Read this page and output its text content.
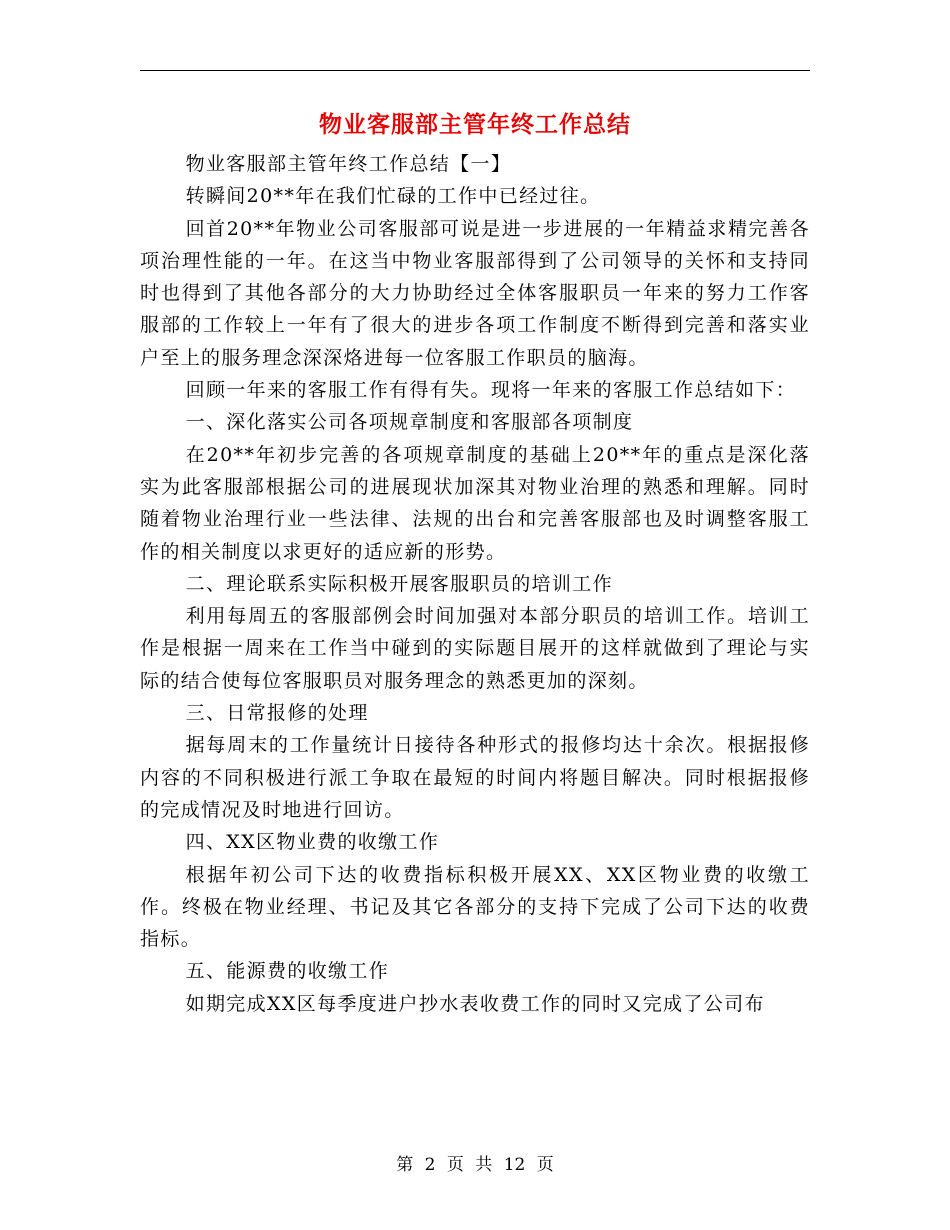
物业客服部主管年终工作总结

物业客服部主管年终工作总结【一】

转瞬间20**年在我们忙碌的工作中已经过往。

回首20**年物业公司客服部可说是进一步进展的一年精益求精完善各项治理性能的一年。在这当中物业客服部得到了公司领导的关怀和支持同时也得到了其他各部分的大力协助经过全体客服职员一年来的努力工作客服部的工作较上一年有了很大的进步各项工作制度不断得到完善和落实业户至上的服务理念深深烙进每一位客服工作职员的脑海。

回顾一年来的客服工作有得有失。现将一年来的客服工作总结如下：

一、深化落实公司各项规章制度和客服部各项制度

在20**年初步完善的各项规章制度的基础上20**年的重点是深化落实为此客服部根据公司的进展现状加深其对物业治理的熟悉和理解。同时随着物业治理行业一些法律、法规的出台和完善客服部也及时调整客服工作的相关制度以求更好的适应新的形势。

二、理论联系实际积极开展客服职员的培训工作

利用每周五的客服部例会时间加强对本部分职员的培训工作。培训工作是根据一周来在工作当中碰到的实际题目展开的这样就做到了理论与实际的结合使每位客服职员对服务理念的熟悉更加的深刻。

三、日常报修的处理

据每周末的工作量统计日接待各种形式的报修均达十余次。根据报修内容的不同积极进行派工争取在最短的时间内将题目解决。同时根据报修的完成情况及时地进行回访。

四、XX区物业费的收缴工作

根据年初公司下达的收费指标积极开展XX、XX区物业费的收缴工作。终极在物业经理、书记及其它各部分的支持下完成了公司下达的收费指标。

五、能源费的收缴工作

如期完成XX区每季度进户抄水表收费工作的同时又完成了公司布

第 2 页 共 12 页
